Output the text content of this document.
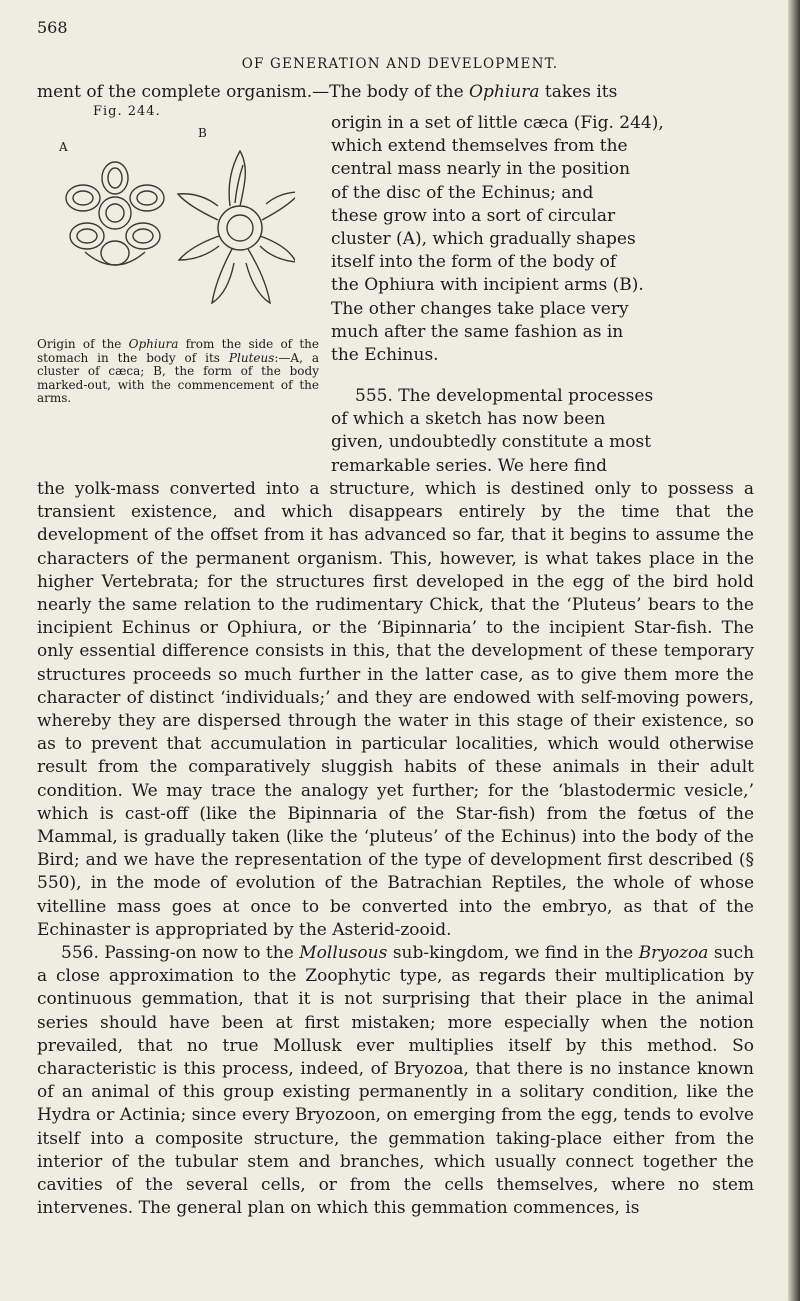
568
OF GENERATION AND DEVELOPMENT.
ment of the complete organism.—The body of the Ophiura takes its
Fig. 244.
A
B
Origin of the Ophiura from the side of the stomach in the body of its Pluteus:—A, a cluster of cæca; B, the form of the body marked-out, with the commencement of the arms.

origin in a set of little cæca (Fig. 244),

which extend themselves from the

central mass nearly in the position

of the disc of the Echinus; and

these grow into a sort of circular

cluster (A), which gradually shapes

itself into the form of the body of

the Ophiura with incipient arms (B).

The other changes take place very

much after the same fashion as in

the Echinus.

555. The developmental processes

of which a sketch has now been

given, undoubtedly constitute a most

remarkable series. We here find

the yolk-mass converted into a structure, which is destined only to possess a transient existence, and which disappears entirely by the time that the development of the offset from it has advanced so far, that it begins to assume the characters of the permanent organism. This, however, is what takes place in the higher Vertebrata; for the structures first developed in the egg of the bird hold nearly the same relation to the rudimentary Chick, that the ‘Pluteus’ bears to the incipient Echinus or Ophiura, or the ‘Bipinnaria’ to the incipient Star-fish. The only essential difference consists in this, that the development of these temporary structures proceeds so much further in the latter case, as to give them more the character of distinct ‘individuals;’ and they are endowed with self-moving powers, whereby they are dispersed through the water in this stage of their existence, so as to prevent that accumulation in particular localities, which would otherwise result from the comparatively sluggish habits of these animals in their adult condition. We may trace the analogy yet further; for the ‘blastodermic vesicle,’ which is cast-off (like the Bipinnaria of the Star-fish) from the fœtus of the Mammal, is gradually taken (like the ‘pluteus’ of the Echinus) into the body of the Bird; and we have the representation of the type of development first described (§ 550), in the mode of evolution of the Batrachian Reptiles, the whole of whose vitelline mass goes at once to be converted into the embryo, as that of the Echinaster is appropriated by the Asterid-zooid.

556. Passing-on now to the Mollusous sub-kingdom, we find in the Bryozoa such a close approximation to the Zoophytic type, as regards their multiplication by continuous gemmation, that it is not surprising that their place in the animal series should have been at first mistaken; more especially when the notion prevailed, that no true Mollusk ever multiplies itself by this method. So characteristic is this process, indeed, of Bryozoa, that there is no instance known of an animal of this group existing permanently in a solitary condition, like the Hydra or Actinia; since every Bryozoon, on emerging from the egg, tends to evolve itself into a composite structure, the gemmation taking-place either from the interior of the tubular stem and branches, which usually connect together the cavities of the several cells, or from the cells themselves, where no stem intervenes. The general plan on which this gemmation commences, is
